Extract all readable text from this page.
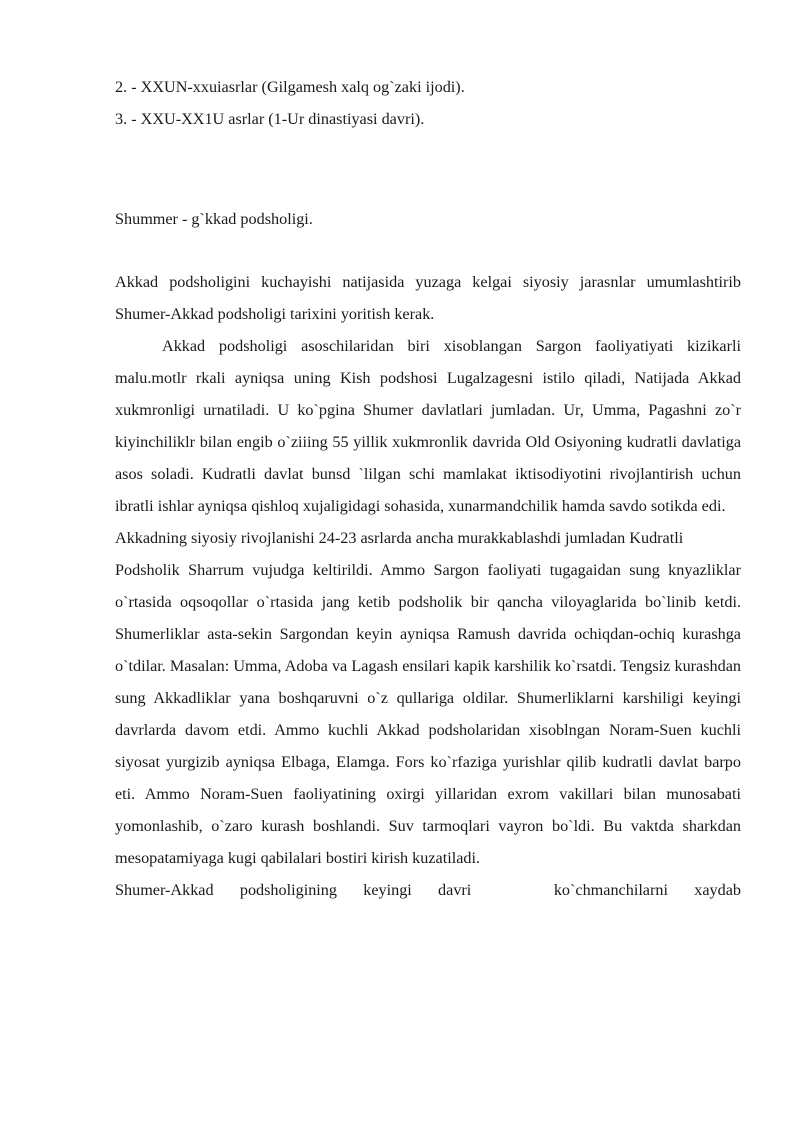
2. - XXUN-xxuiasrlar (Gilgamesh xalq og`zaki ijodi).
3. - XXU-XX1U asrlar (1-Ur dinastiyasi davri).
Shummer - g`kkad podsholigi.

Akkad podsholigini kuchayishi natijasida yuzaga kelgai siyosiy jarasnlar umumlashtirib Shumer-Akkad podsholigi tarixini yoritish kerak.

Akkad podsholigi asoschilaridan biri xisoblangan Sargon faoliyatiyati kizikarli malu.motlr rkali ayniqsa uning Kish podshosi Lugalzagesni istilo qiladi, Natijada Akkad xukmronligi urnatiladi. U ko`pgina Shumer davlatlari jumladan. Ur, Umma, Pagashni zo`r kiyinchiliklr bilan engib o`ziiing 55 yillik xukmronlik davrida Old Osiyoning kudratli davlatiga asos soladi. Kudratli davlat bunsd `lilgan schi mamlakat iktisodiyotini rivojlantirish uchun ibratli ishlar ayniqsa qishloq xujaligidagi sohasida, xunarmandchilik hamda savdo sotikda edi.

Akkadning siyosiy rivojlanishi 24-23 asrlarda ancha murakkablashdi jumladan Kudratli

Podsholik Sharrum vujudga keltirildi. Ammo Sargon faoliyati tugagaidan sung knyazliklar o`rtasida oqsoqollar o`rtasida jang ketib podsholik bir qancha viloyaglarida bo`linib ketdi. Shumerliklar asta-sekin Sargondan keyin ayniqsa Ramush davrida ochiqdan-ochiq kurashga o`tdilar. Masalan: Umma, Adoba va Lagash ensilari kapik karshilik ko`rsatdi. Tengsiz kurashdan sung Akkadliklar yana boshqaruvni o`z qullariga oldilar. Shumerliklarni karshiligi keyingi davrlarda davom etdi. Ammo kuchli Akkad podsholaridan xisoblngan Noram-Suen kuchli siyosat yurgizib ayniqsa Elbaga, Elamga. Fors ko`rfaziga yurishlar qilib kudratli davlat barpo eti. Ammo Noram-Suen faoliyatining oxirgi yillaridan exrom vakillari bilan munosabati yomonlashib, o`zaro kurash boshlandi. Suv tarmoqlari vayron bo`ldi. Bu vaktda sharkdan mesopatamiyaga kugi qabilalari bostiri kirish kuzatiladi.

Shumer-Akkad podsholigining keyingi davri	ko`chmanchilarni xaydab
